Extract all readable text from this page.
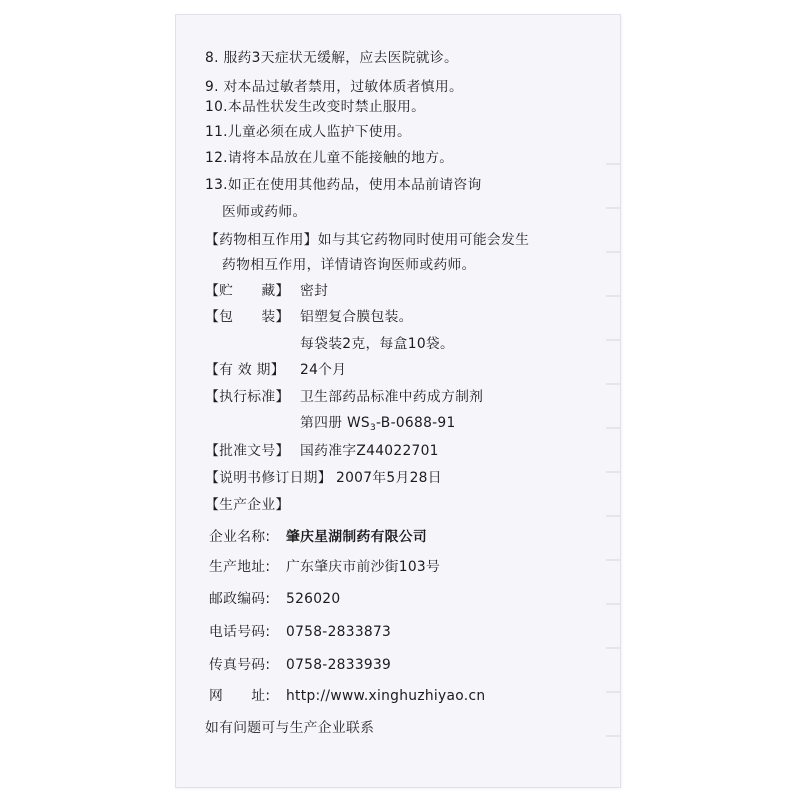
8. 服药3天症状无缓解，应去医院就诊。
9. 对本品过敏者禁用，过敏体质者慎用。
10.本品性状发生改变时禁止服用。
11.儿童必须在成人监护下使用。
12.请将本品放在儿童不能接触的地方。
13.如正在使用其他药品，使用本品前请咨询
医师或药师。
【药物相互作用】如与其它药物同时使用可能会发生
药物相互作用，详情请咨询医师或药师。
【贮　　藏】 密封
【包　　装】 铝塑复合膜包装。
每袋装2克，每盒10袋。
【有 效 期】 24个月
【执行标准】 卫生部药品标准中药成方制剂
第四册 $WS_3-B-0688-91$
【批准文号】 国药准字Z44022701
【说明书修订日期】 2007年5月28日
【生产企业】
企业名称: 肇庆星湖制药有限公司
生产地址: 广东肇庆市前沙街103号
邮政编码: 526020
电话号码: 0758-2833873
传真号码: 0758-2833939
网　　址: http://www.xinghuzhiyao.cn
如有问题可与生产企业联系
